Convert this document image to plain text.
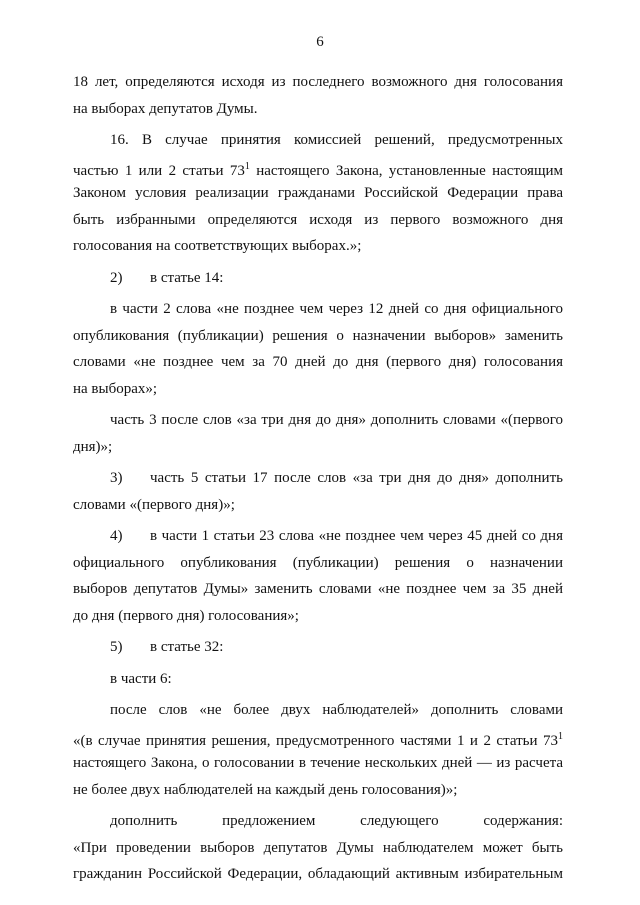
6
18 лет, определяются исходя из последнего возможного дня голосования
на выборах депутатов Думы.
16. В случае принятия комиссией решений, предусмотренных
частью 1 или 2 статьи $73^1$ настоящего Закона, установленные настоящим
Законом условия реализации гражданами Российской Федерации права
быть избранными определяются исходя из первого возможного дня
голосования на соответствующих выборах.»;
2) в статье 14:
в части 2 слова «не позднее чем через 12 дней со дня официального
опубликования (публикации) решения о назначении выборов» заменить
словами «не позднее чем за 70 дней до дня (первого дня) голосования
на выборах»;
часть 3 после слов «за три дня до дня» дополнить словами «(первого
дня)»;
3) часть 5 статьи 17 после слов «за три дня до дня» дополнить
словами «(первого дня)»;
4) в части 1 статьи 23 слова «не позднее чем через 45 дней со дня
официального опубликования (публикации) решения о назначении
выборов депутатов Думы» заменить словами «не позднее чем за 35 дней
до дня (первого дня) голосования»;
5) в статье 32:
в части 6:
после слов «не более двух наблюдателей» дополнить словами
«(в случае принятия решения, предусмотренного частями 1 и 2 статьи $73^1$
настоящего Закона, о голосовании в течение нескольких дней — из расчета
не более двух наблюдателей на каждый день голосования)»;
дополнить предложением следующего содержания:
«При проведении выборов депутатов Думы наблюдателем может быть
гражданин Российской Федерации, обладающий активным избирательным
